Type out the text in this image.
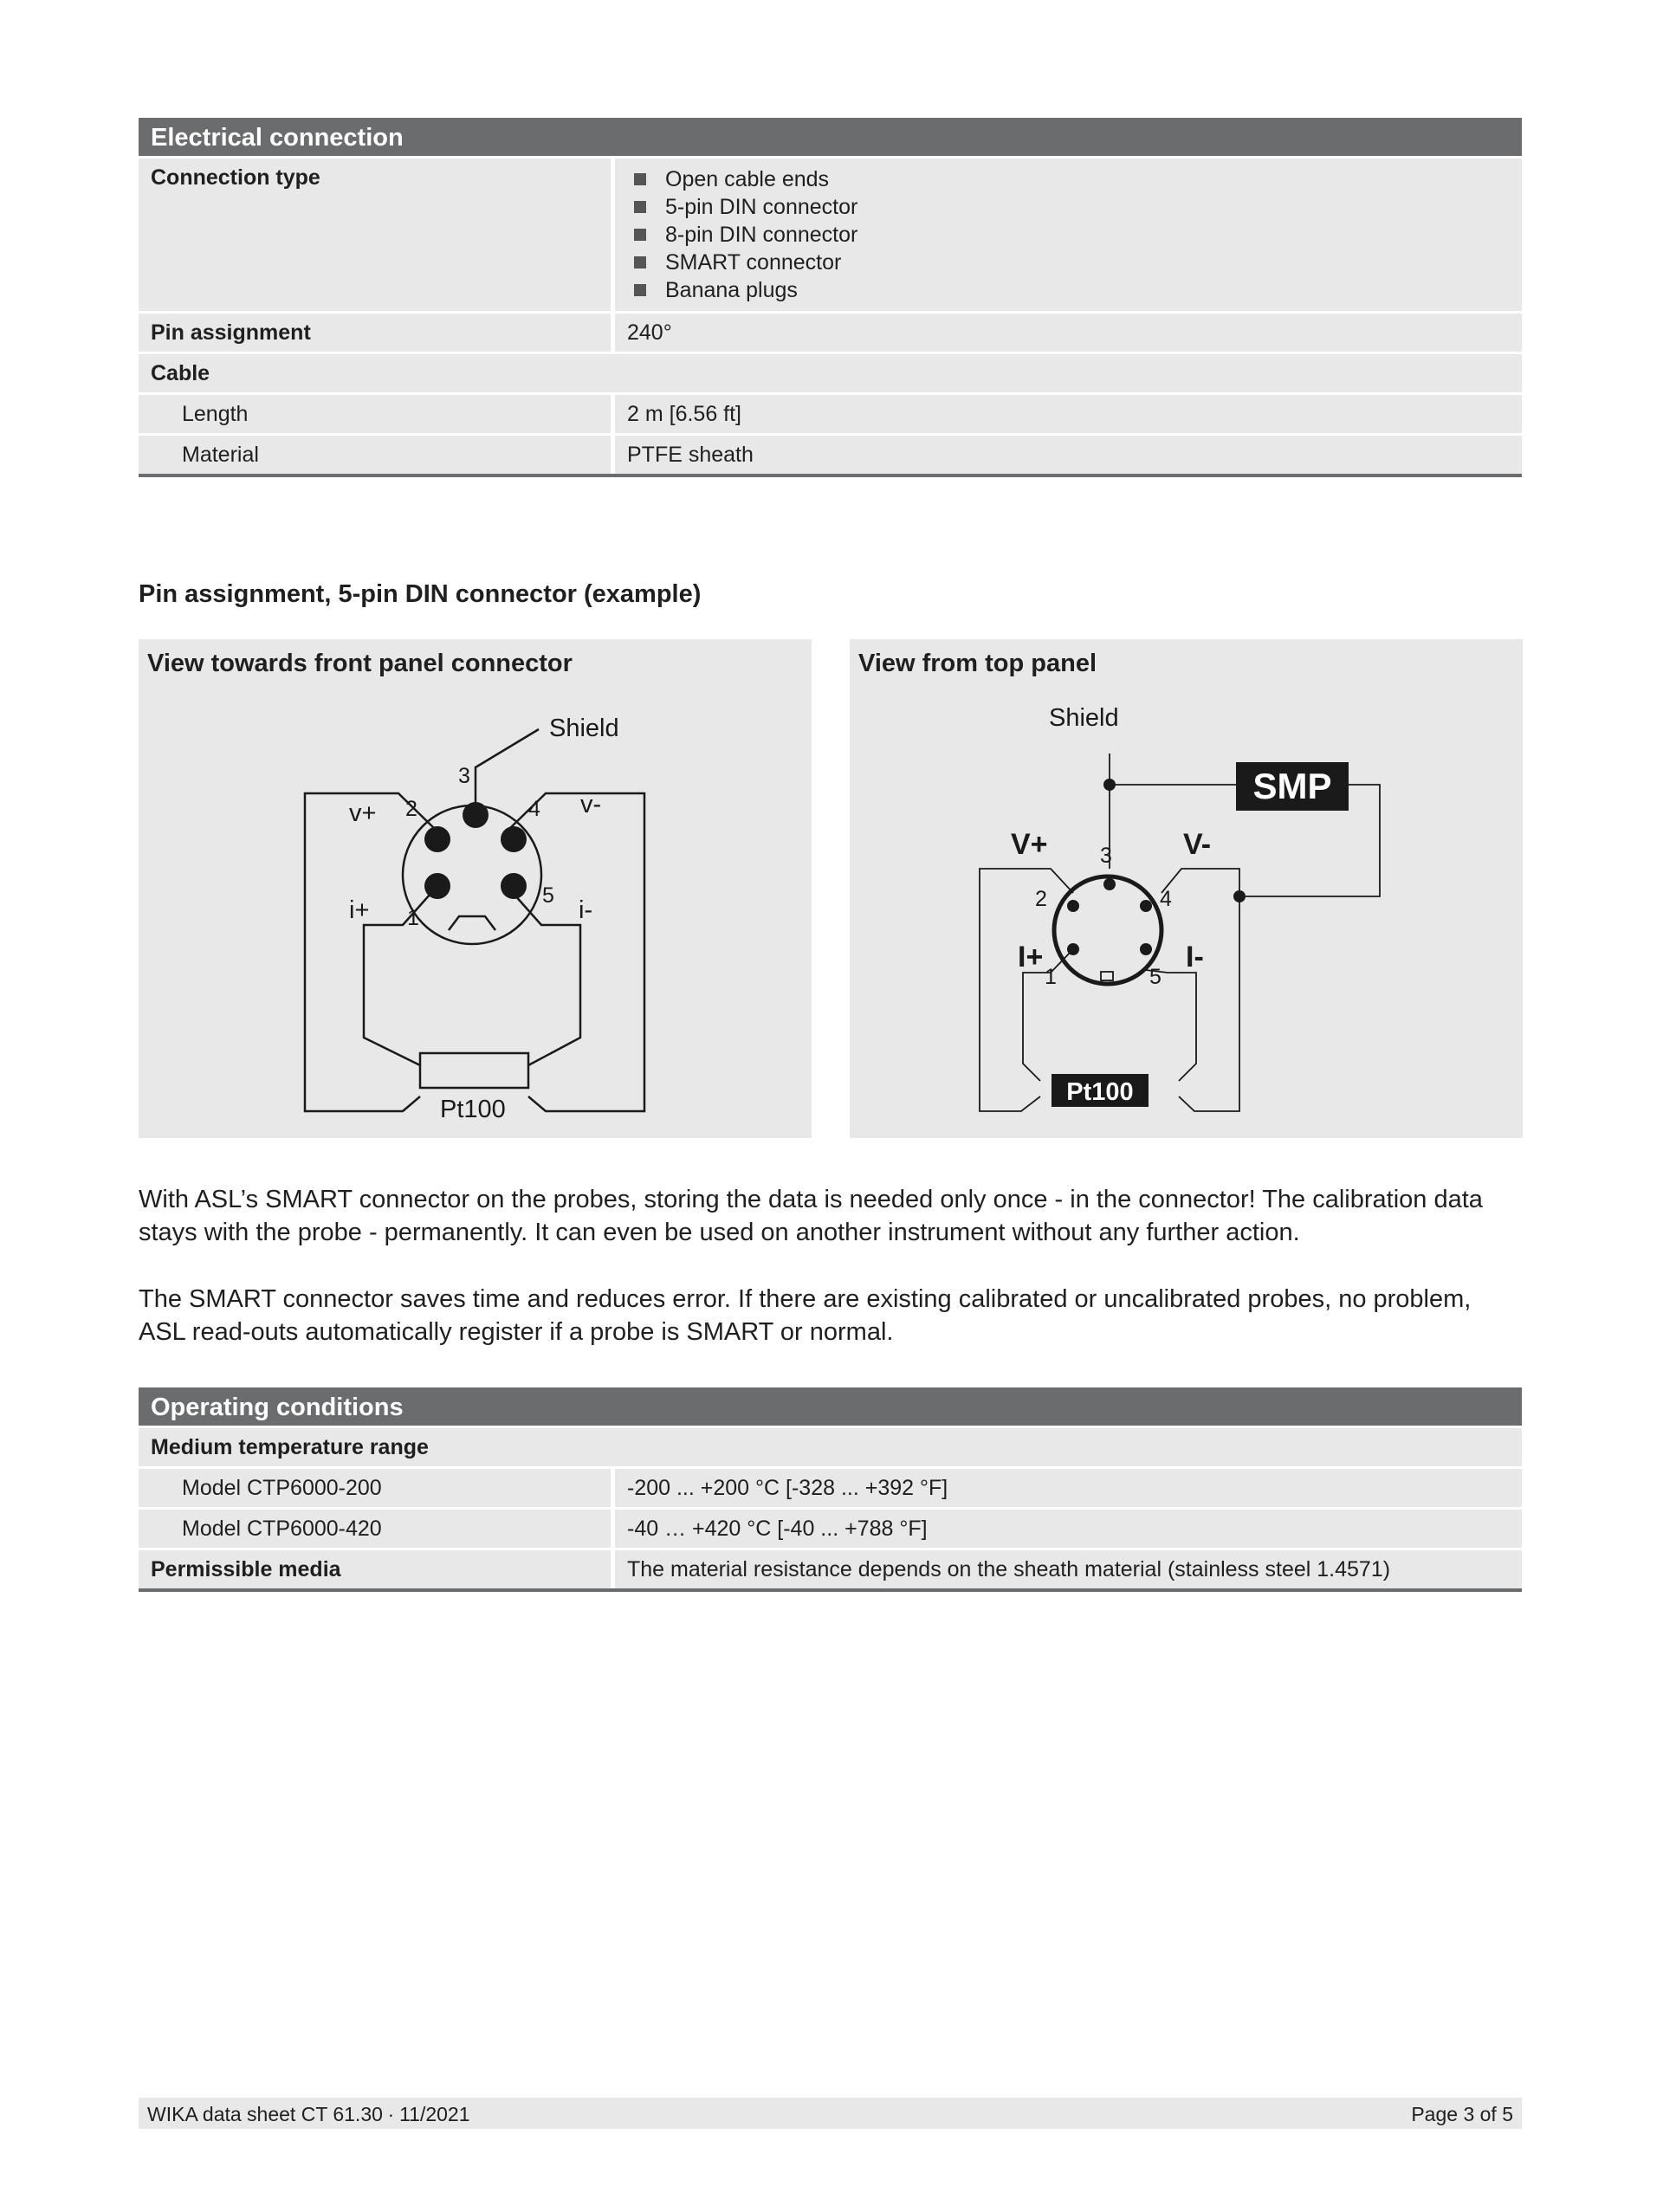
Electrical connection
Connection type	Open cable ends
5-pin DIN connector
8-pin DIN connector
SMART connector
Banana plugs
Pin assignment	240°
Cable
Length	2 m [6.56 ft]
Material	PTFE sheath
Pin assignment, 5-pin DIN connector (example)
Shield
3
2	4
1
5
v+	v-
i+	i-
Pt100
View towards front panel connector
Shield
SMP
3
2	4
1	5
V+	V-
I+	I-
Pt100
View from top panel

With ASL’s SMART connector on the probes, storing the data is needed only once - in the connector! The calibration data stays with the probe - permanently. It can even be used on another instrument without any further action.

The SMART connector saves time and reduces error. If there are existing calibrated or uncalibrated probes, no problem, ASL read-outs automatically register if a probe is SMART or normal.

Operating conditions
Medium temperature range
Model CTP6000-200	-200 ... +200 °C [-328 ... +392 °F]
Model CTP6000-420	-40 … +420 °C [-40 ... +788 °F]
Permissible media	The material resistance depends on the sheath material (stainless steel 1.4571)
WIKA data sheet CT 61.30 ∙ 11/2021	Page 3 of 5
